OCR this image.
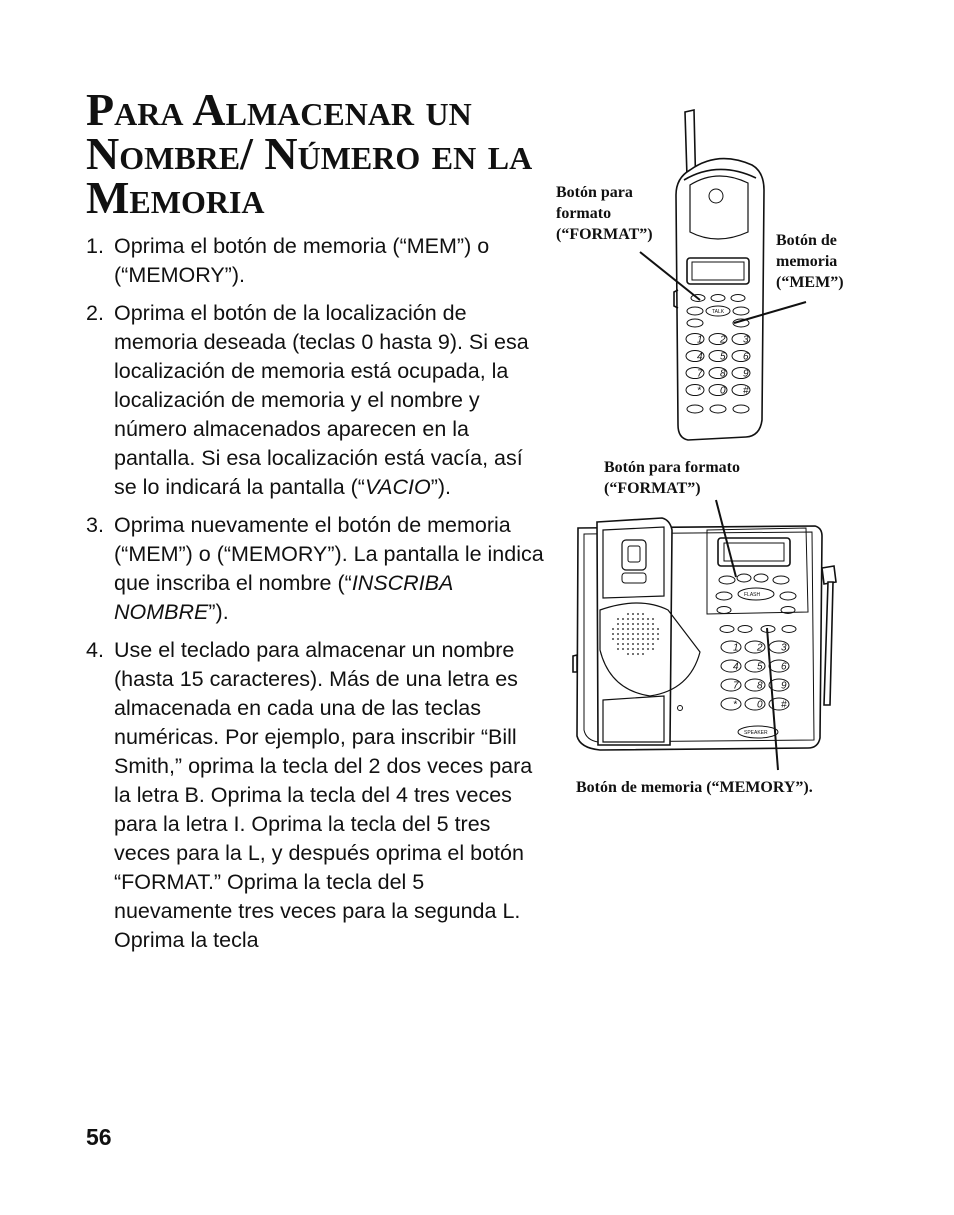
Para Almacenar un
Nombre/ Número en la
Memoria
1. Oprima el botón de memoria (“MEM”) o (“MEMORY”).
2. Oprima el botón de la localización de memoria deseada (teclas 0 hasta 9). Si esa localización de memoria está ocupada, la localización de memoria y el nombre y número almacenados aparecen en la pantalla. Si esa localización está vacía, así se lo indicará la pantalla (“VACIO”).
3. Oprima nuevamente el botón de memoria (“MEM”) o (“MEMORY”). La pantalla le indica que inscriba el nombre (“INSCRIBA NOMBRE”).
4. Use el teclado para almacenar un nombre (hasta 15 caracteres). Más de una letra es almacenada en cada una de las teclas numéricas. Por ejemplo, para inscribir “Bill Smith,” oprima la tecla del 2 dos veces para la letra B. Oprima la tecla del 4 tres veces para la letra I. Oprima la tecla del 5 tres veces para la L, y después oprima el botón “FORMAT.” Oprima la tecla del 5 nuevamente tres veces para la segunda L. Oprima la tecla
Botón para formato (“FORMAT”)	Botón de memoria (“MEM”)
Botón para formato (“FORMAT”)
Botón de memoria (“MEMORY”).
TALK
1 2 3
4 5 6
7 8 9
* 0 #
FLASH
1 2 3
4 5 6
7 8 9
* 0 #
SPEAKER
56
